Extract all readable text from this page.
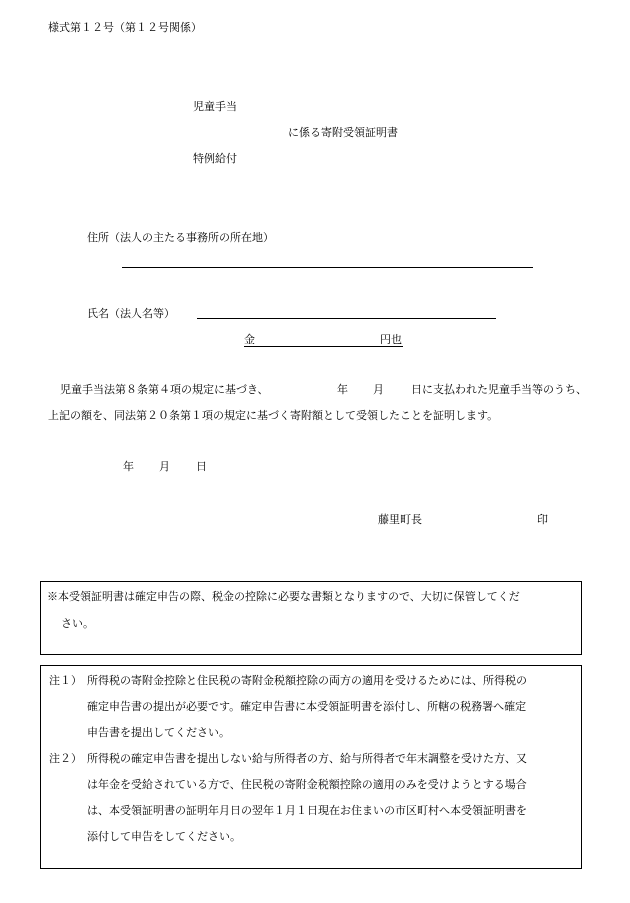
様式第１２号（第１２号関係）
児童手当
に係る寄附受領証明書
特例給付
住所（法人の主たる事務所の所在地）
氏名（法人名等）
金	円也
児童手当法第８条第４項の規定に基づき、	年 月 日に支払われた児童手当等のうち、
上記の額を、同法第２０条第１項の規定に基づく寄附額として受領したことを証明します。
年 月 日
藤里町長	印
※本受領証明書は確定申告の際、税金の控除に必要な書類となりますので、大切に保管してくだ
さい。
注１） 所得税の寄附金控除と住民税の寄附金税額控除の両方の適用を受けるためには、所得税の
確定申告書の提出が必要です。確定申告書に本受領証明書を添付し、所轄の税務署へ確定
申告書を提出してください。
注２） 所得税の確定申告書を提出しない給与所得者の方、給与所得者で年末調整を受けた方、又
は年金を受給されている方で、住民税の寄附金税額控除の適用のみを受けようとする場合
は、本受領証明書の証明年月日の翌年１月１日現在お住まいの市区町村へ本受領証明書を
添付して申告をしてください。
